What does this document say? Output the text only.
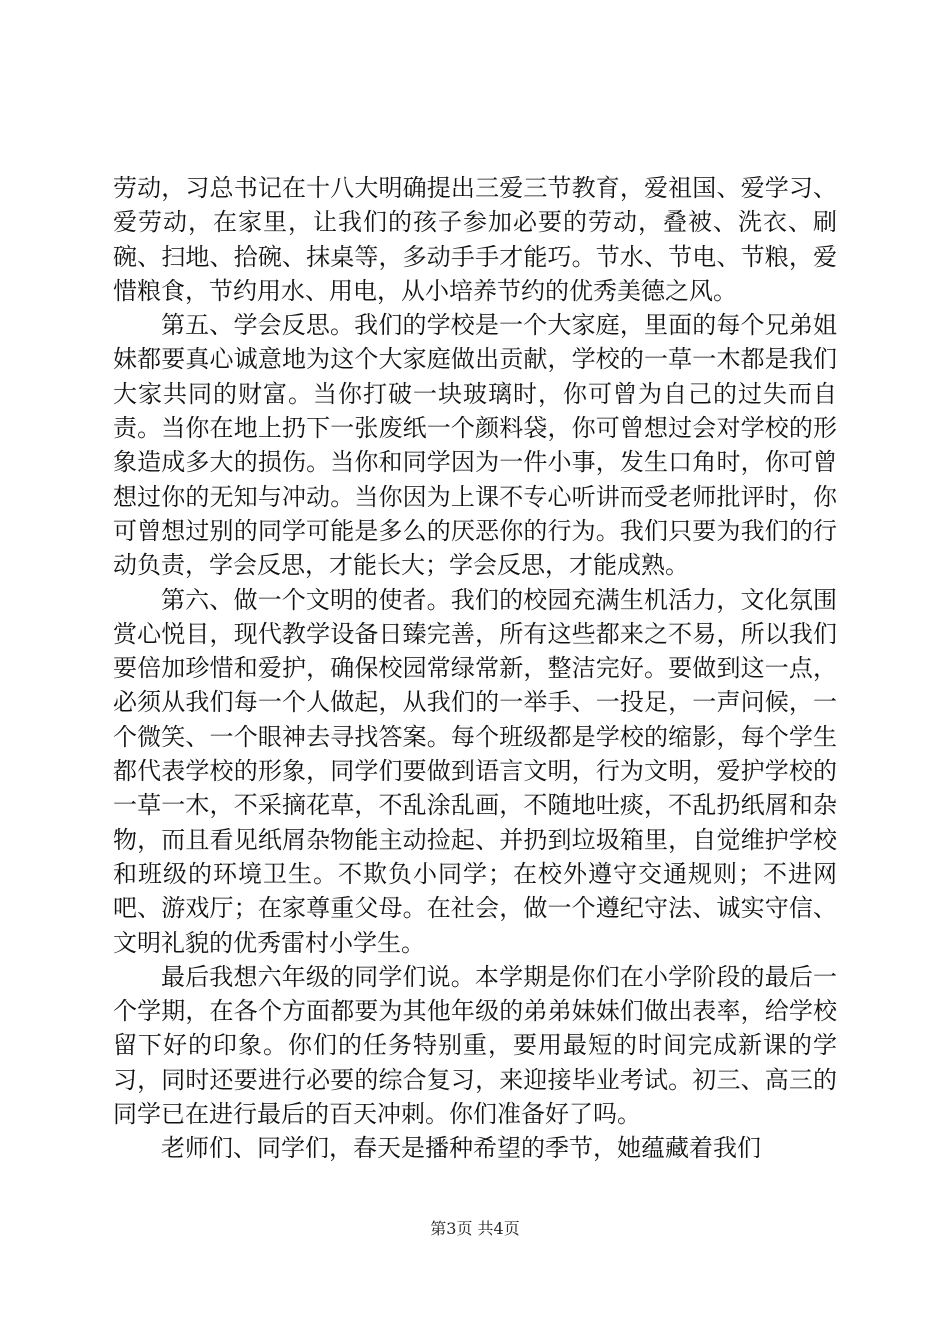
劳动，习总书记在十八大明确提出三爱三节教育，爱祖国、爱学习、爱劳动，在家里，让我们的孩子参加必要的劳动，叠被、洗衣、刷碗、扫地、拾碗、抹桌等，多动手手才能巧。节水、节电、节粮，爱惜粮食，节约用水、用电，从小培养节约的优秀美德之风。

第五、学会反思。我们的学校是一个大家庭，里面的每个兄弟姐妹都要真心诚意地为这个大家庭做出贡献，学校的一草一木都是我们大家共同的财富。当你打破一块玻璃时，你可曾为自己的过失而自责。当你在地上扔下一张废纸一个颜料袋，你可曾想过会对学校的形象造成多大的损伤。当你和同学因为一件小事，发生口角时，你可曾想过你的无知与冲动。当你因为上课不专心听讲而受老师批评时，你可曾想过别的同学可能是多么的厌恶你的行为。我们只要为我们的行动负责，学会反思，才能长大；学会反思，才能成熟。

第六、做一个文明的使者。我们的校园充满生机活力，文化氛围赏心悦目，现代教学设备日臻完善，所有这些都来之不易，所以我们要倍加珍惜和爱护，确保校园常绿常新，整洁完好。要做到这一点，必须从我们每一个人做起，从我们的一举手、一投足，一声问候，一个微笑、一个眼神去寻找答案。每个班级都是学校的缩影，每个学生都代表学校的形象，同学们要做到语言文明，行为文明，爱护学校的一草一木，不采摘花草，不乱涂乱画，不随地吐痰，不乱扔纸屑和杂物，而且看见纸屑杂物能主动捡起、并扔到垃圾箱里，自觉维护学校和班级的环境卫生。不欺负小同学；在校外遵守交通规则；不进网吧、游戏厅；在家尊重父母。在社会，做一个遵纪守法、诚实守信、文明礼貌的优秀雷村小学生。

最后我想六年级的同学们说。本学期是你们在小学阶段的最后一个学期，在各个方面都要为其他年级的弟弟妹妹们做出表率，给学校留下好的印象。你们的任务特别重，要用最短的时间完成新课的学习，同时还要进行必要的综合复习，来迎接毕业考试。初三、高三的同学已在进行最后的百天冲刺。你们准备好了吗。

老师们、同学们，春天是播种希望的季节，她蕴藏着我们

第3页 共4页
